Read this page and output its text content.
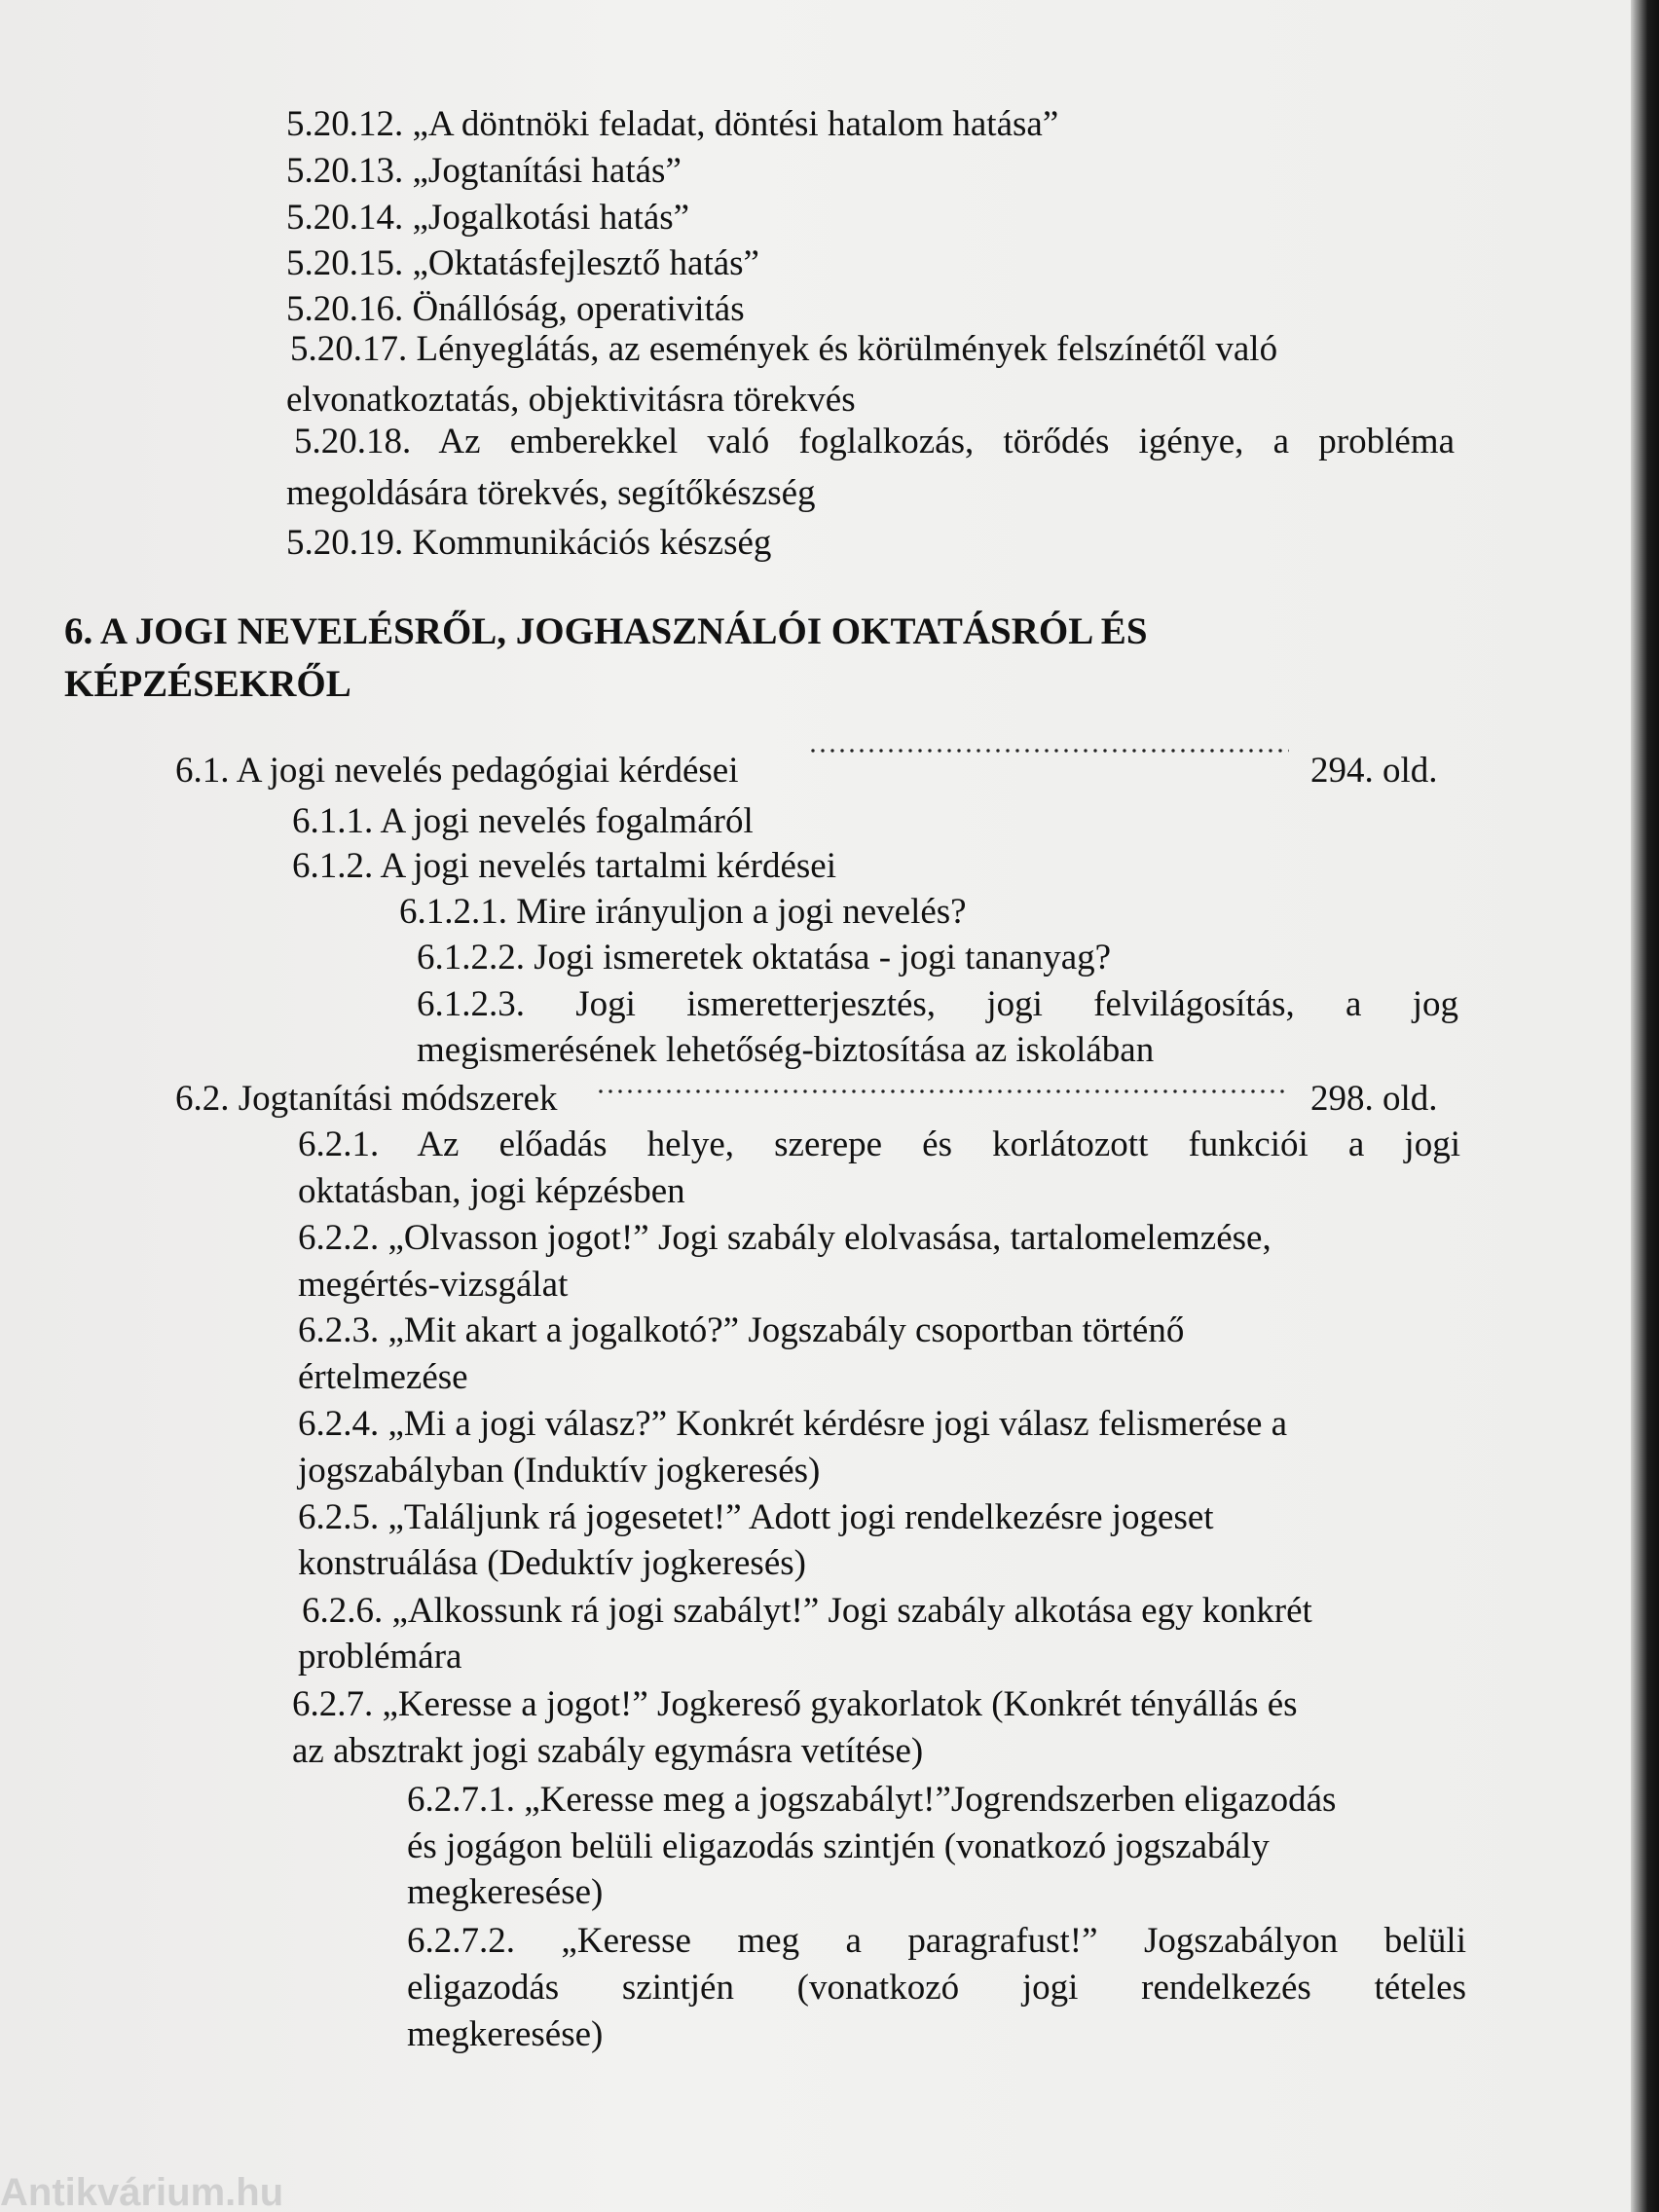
5.20.12. „A döntnöki feladat, döntési hatalom hatása”
5.20.13. „Jogtanítási hatás”
5.20.14. „Jogalkotási hatás”
5.20.15. „Oktatásfejlesztő hatás”
5.20.16. Önállóság, operativitás
5.20.17. Lényeglátás, az események és körülmények felszínétől való
elvonatkoztatás, objektivitásra törekvés
5.20.18. Az emberekkel való foglalkozás, törődés igénye, a probléma
megoldására törekvés, segítőkészség
5.20.19. Kommunikációs készség
6. A JOGI NEVELÉSRŐL, JOGHASZNÁLÓI OKTATÁSRÓL ÉS
KÉPZÉSEKRŐL
6.1. A jogi nevelés pedagógiai kérdései	294. old.
6.1.1. A jogi nevelés fogalmáról
6.1.2. A jogi nevelés tartalmi kérdései
6.1.2.1. Mire irányuljon a jogi nevelés?
6.1.2.2. Jogi ismeretek oktatása - jogi tananyag?
6.1.2.3. Jogi ismeretterjesztés, jogi felvilágosítás, a jog
megismerésének lehetőség-biztosítása az iskolában
6.2. Jogtanítási módszerek	298. old.
6.2.1. Az előadás helye, szerepe és korlátozott funkciói a jogi
oktatásban, jogi képzésben
6.2.2. „Olvasson jogot!” Jogi szabály elolvasása, tartalomelemzése,
megértés-vizsgálat
6.2.3. „Mit akart a jogalkotó?” Jogszabály csoportban történő
értelmezése
6.2.4. „Mi a jogi válasz?” Konkrét kérdésre jogi válasz felismerése a
jogszabályban (Induktív jogkeresés)
6.2.5. „Találjunk rá jogesetet!” Adott jogi rendelkezésre jogeset
konstruálása (Deduktív jogkeresés)
6.2.6. „Alkossunk rá jogi szabályt!” Jogi szabály alkotása egy konkrét
problémára
6.2.7. „Keresse a jogot!” Jogkereső gyakorlatok (Konkrét tényállás és
az absztrakt jogi szabály egymásra vetítése)
6.2.7.1. „Keresse meg a jogszabályt!”Jogrendszerben eligazodás
és jogágon belüli eligazodás szintjén (vonatkozó jogszabály
megkeresése)
6.2.7.2. „Keresse meg a paragrafust!” Jogszabályon belüli
eligazodás szintjén (vonatkozó jogi rendelkezés tételes
megkeresése)
Antikvárium.hu
